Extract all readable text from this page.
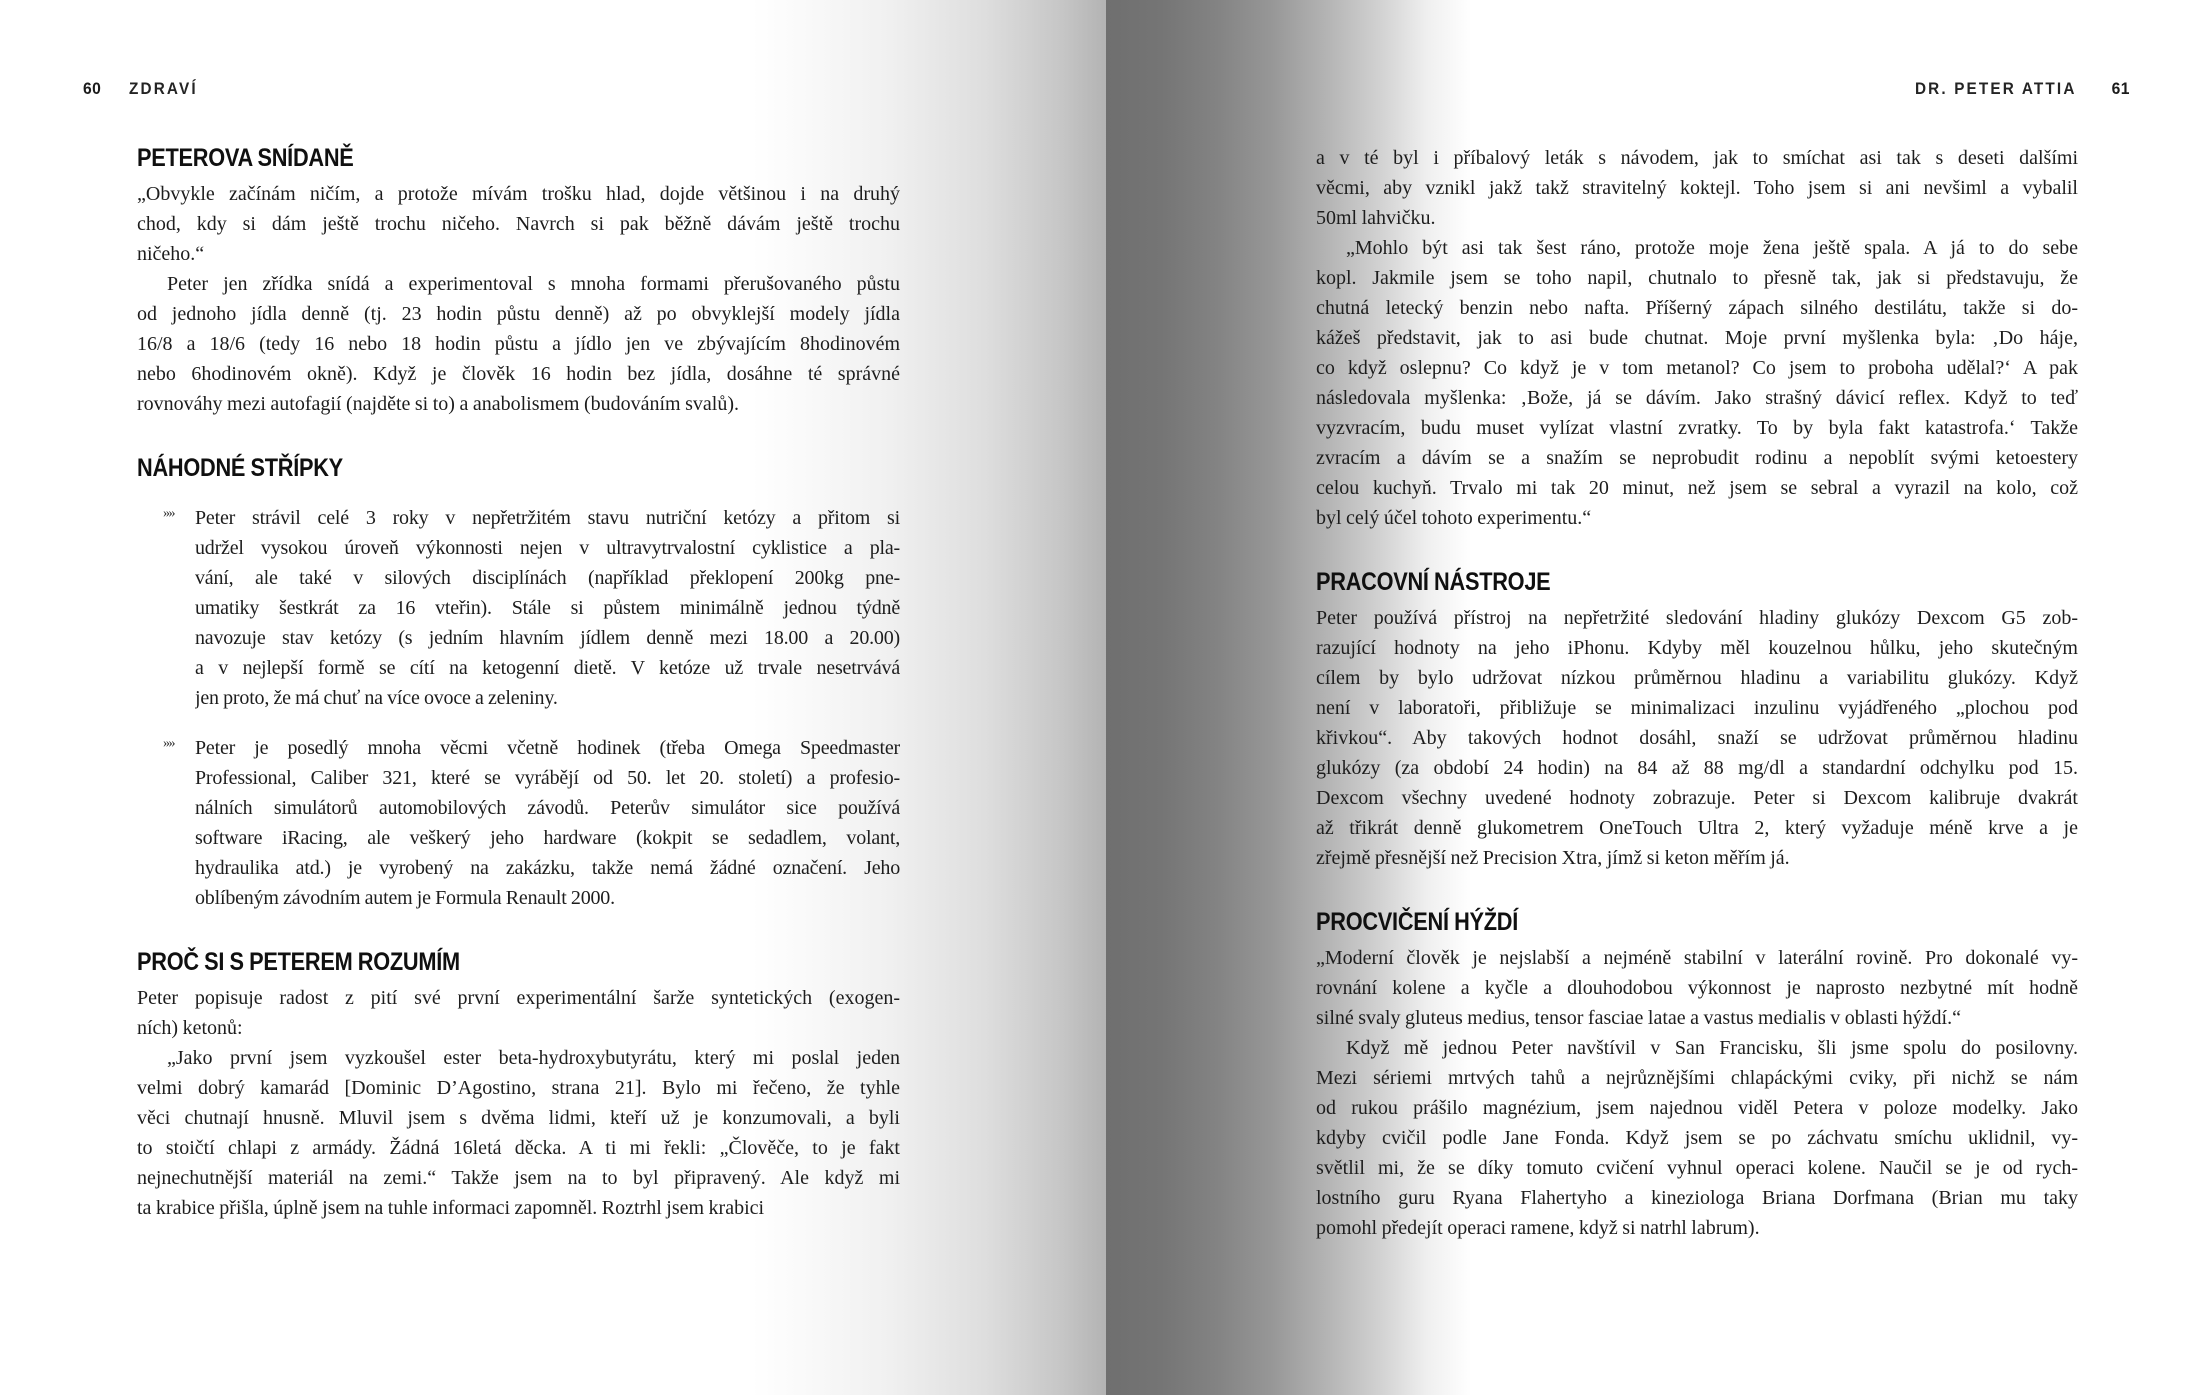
60 ZDRAVÍ
PETEROVA SNÍDANĚ
„Obvykle začínám ničím, a protože mívám trošku hlad, dojde většinou i na druhý
chod, kdy si dám ještě trochu ničeho. Navrch si pak běžně dávám ještě trochu
ničeho.“
Peter jen zřídka snídá a experimentoval s mnoha formami přerušovaného půstu
od jednoho jídla denně (tj. 23 hodin půstu denně) až po obvyklejší modely jídla
16/8 a 18/6 (tedy 16 nebo 18 hodin půstu a jídlo jen ve zbývajícím 8hodinovém
nebo 6hodinovém okně). Když je člověk 16 hodin bez jídla, dosáhne té správné
rovnováhy mezi autofagií (najděte si to) a anabolismem (budováním svalů).
NÁHODNÉ STŘÍPKY
»» Peter strávil celé 3 roky v nepřetržitém stavu nutriční ketózy a přitom si
udržel vysokou úroveň výkonnosti nejen v ultravytrvalostní cyklistice a pla-
vání, ale také v silových disciplínách (například překlopení 200kg pne-
umatiky šestkrát za 16 vteřin). Stále si půstem minimálně jednou týdně
navozuje stav ketózy (s jedním hlavním jídlem denně mezi 18.00 a 20.00)
a v nejlepší formě se cítí na ketogenní dietě. V ketóze už trvale nesetrvává
jen proto, že má chuť na více ovoce a zeleniny.
»» Peter je posedlý mnoha věcmi včetně hodinek (třeba Omega Speedmaster
Professional, Caliber 321, které se vyrábějí od 50. let 20. století) a profesio-
nálních simulátorů automobilových závodů. Peterův simulátor sice používá
software iRacing, ale veškerý jeho hardware (kokpit se sedadlem, volant,
hydraulika atd.) je vyrobený na zakázku, takže nemá žádné označení. Jeho
oblíbeným závodním autem je Formula Renault 2000.
PROČ SI S PETEREM ROZUMÍM
Peter popisuje radost z pití své první experimentální šarže syntetických (exogen-
ních) ketonů:
„Jako první jsem vyzkoušel ester beta-hydroxybutyrátu, který mi poslal jeden
velmi dobrý kamarád [Dominic D’Agostino, strana 21]. Bylo mi řečeno, že tyhle
věci chutnají hnusně. Mluvil jsem s dvěma lidmi, kteří už je konzumovali, a byli
to stoičtí chlapi z armády. Žádná 16letá děcka. A ti mi řekli: „Člověče, to je fakt
nejnechutnější materiál na zemi.“ Takže jsem na to byl připravený. Ale když mi
ta krabice přišla, úplně jsem na tuhle informaci zapomněl. Roztrhl jsem krabici
DR. PETER ATTIA 61
a v té byl i příbalový leták s návodem, jak to smíchat asi tak s deseti dalšími
věcmi, aby vznikl jakž takž stravitelný koktejl. Toho jsem si ani nevšiml a vybalil
50ml lahvičku.
„Mohlo být asi tak šest ráno, protože moje žena ještě spala. A já to do sebe
kopl. Jakmile jsem se toho napil, chutnalo to přesně tak, jak si představuju, že
chutná letecký benzin nebo nafta. Příšerný zápach silného destilátu, takže si do-
kážeš představit, jak to asi bude chutnat. Moje první myšlenka byla: ‚Do háje,
co když oslepnu? Co když je v tom metanol? Co jsem to proboha udělal?‘ A pak
následovala myšlenka: ‚Bože, já se dávím. Jako strašný dávicí reflex. Když to teď
vyzvracím, budu muset vylízat vlastní zvratky. To by byla fakt katastrofa.‘ Takže
zvracím a dávím se a snažím se neprobudit rodinu a nepoblít svými ketoestery
celou kuchyň. Trvalo mi tak 20 minut, než jsem se sebral a vyrazil na kolo, což
byl celý účel tohoto experimentu.“
PRACOVNÍ NÁSTROJE
Peter používá přístroj na nepřetržité sledování hladiny glukózy Dexcom G5 zob-
razující hodnoty na jeho iPhonu. Kdyby měl kouzelnou hůlku, jeho skutečným
cílem by bylo udržovat nízkou průměrnou hladinu a variabilitu glukózy. Když
není v laboratoři, přibližuje se minimalizaci inzulinu vyjádřeného „plochou pod
křivkou“. Aby takových hodnot dosáhl, snaží se udržovat průměrnou hladinu
glukózy (za období 24 hodin) na 84 až 88 mg/dl a standardní odchylku pod 15.
Dexcom všechny uvedené hodnoty zobrazuje. Peter si Dexcom kalibruje dvakrát
až třikrát denně glukometrem OneTouch Ultra 2, který vyžaduje méně krve a je
zřejmě přesnější než Precision Xtra, jímž si keton měřím já.
PROCVIČENÍ HÝŽDÍ
„Moderní člověk je nejslabší a nejméně stabilní v laterální rovině. Pro dokonalé vy-
rovnání kolene a kyčle a dlouhodobou výkonnost je naprosto nezbytné mít hodně
silné svaly gluteus medius, tensor fasciae latae a vastus medialis v oblasti hýždí.“
Když mě jednou Peter navštívil v San Francisku, šli jsme spolu do posilovny.
Mezi sériemi mrtvých tahů a nejrůznějšími chlapáckými cviky, při nichž se nám
od rukou prášilo magnézium, jsem najednou viděl Petera v poloze modelky. Jako
kdyby cvičil podle Jane Fonda. Když jsem se po záchvatu smíchu uklidnil, vy-
světlil mi, že se díky tomuto cvičení vyhnul operaci kolene. Naučil se je od rych-
lostního guru Ryana Flahertyho a kineziologa Briana Dorfmana (Brian mu taky
pomohl předejít operaci ramene, když si natrhl labrum).
